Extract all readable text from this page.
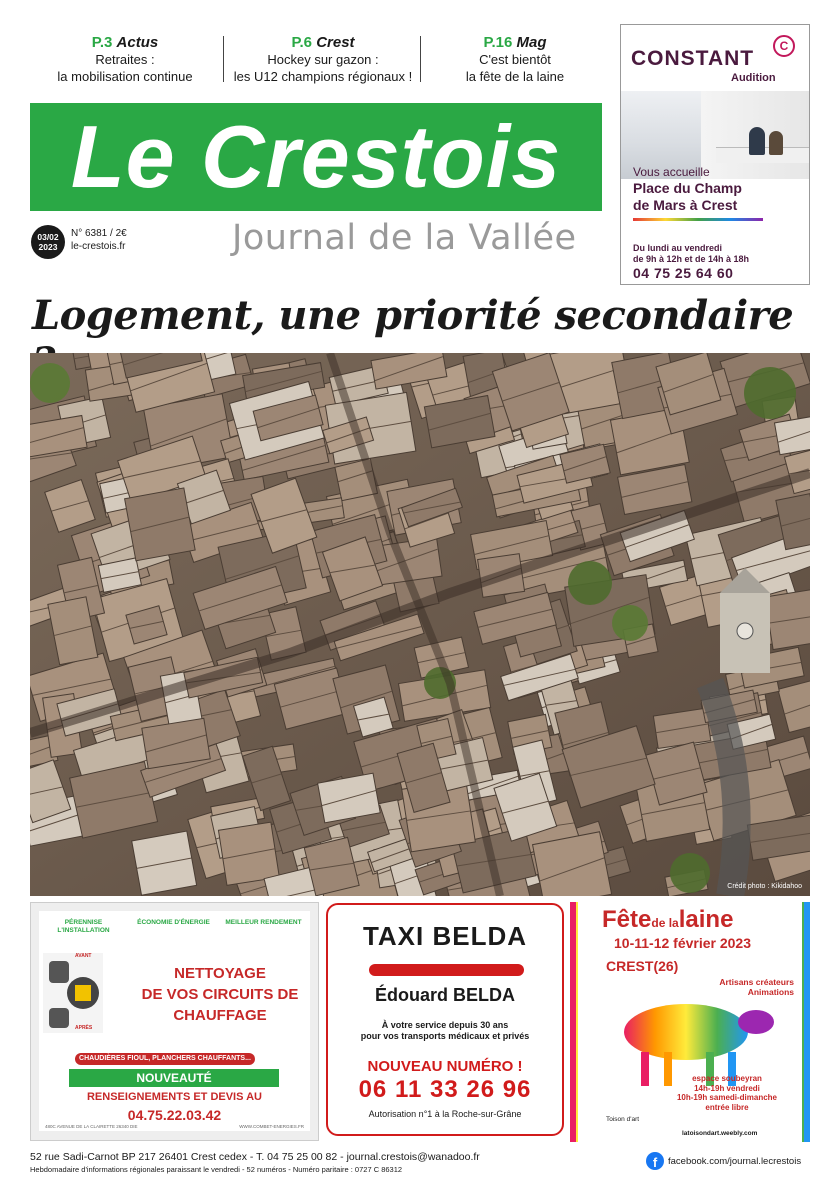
P.3 Actus
Retraites :
la mobilisation continue
P.6 Crest
Hockey sur gazon :
les U12 champions régionaux !
P.16 Mag
C'est bientôt
la fête de la laine
Le Crestois
03/02
2023
N° 6381 / 2€
le-crestois.fr	Journal de la Vallée
CONSTANT
C
Audition
Vous accueille
Place du Champ
de Mars à Crest
Du lundi au vendredi
de 9h à 12h et de 14h à 18h
04 75 25 64 60
Logement, une priorité secondaire
Crédit photo : Kikidahoo
PÉRENNISE L'INSTALLATION
ÉCONOMIE D'ÉNERGIE	MEILLEUR RENDEMENT
AVANT
APRÈS
NETTOYAGE
DE VOS CIRCUITS DE
CHAUFFAGE
CHAUDIÈRES FIOUL, PLANCHERS CHAUFFANTS...
NOUVEAUTÉ
RENSEIGNEMENTS ET DEVIS AU
04.75.22.03.42
480C AVENUE DE LA CLAIRETTE 26340 DIE	WWW.COMBET-ENERGIES.FR
TAXI BELDA
Édouard BELDA
À votre service depuis 30 ans
pour vos transports médicaux et privés
NOUVEAU NUMÉRO !
06 11 33 26 96
Autorisation n°1 à la Roche-sur-Grâne
Fêtede lalaine
10-11-12 février 2023
CREST(26)
Artisans créateurs
Animations
espace soubeyran
14h-19h vendredi
10h-19h samedi-dimanche
entrée libre
Toison d'art
latoisondart.weebly.com
52 rue Sadi-Carnot BP 217 26401 Crest cedex - T. 04 75 25 00 82 - journal.crestois@wanadoo.fr
Hebdomadaire d'informations régionales paraissant le vendredi - 52 numéros - Numéro paritaire : 0727 C 86312	f	facebook.com/journal.lecrestois
